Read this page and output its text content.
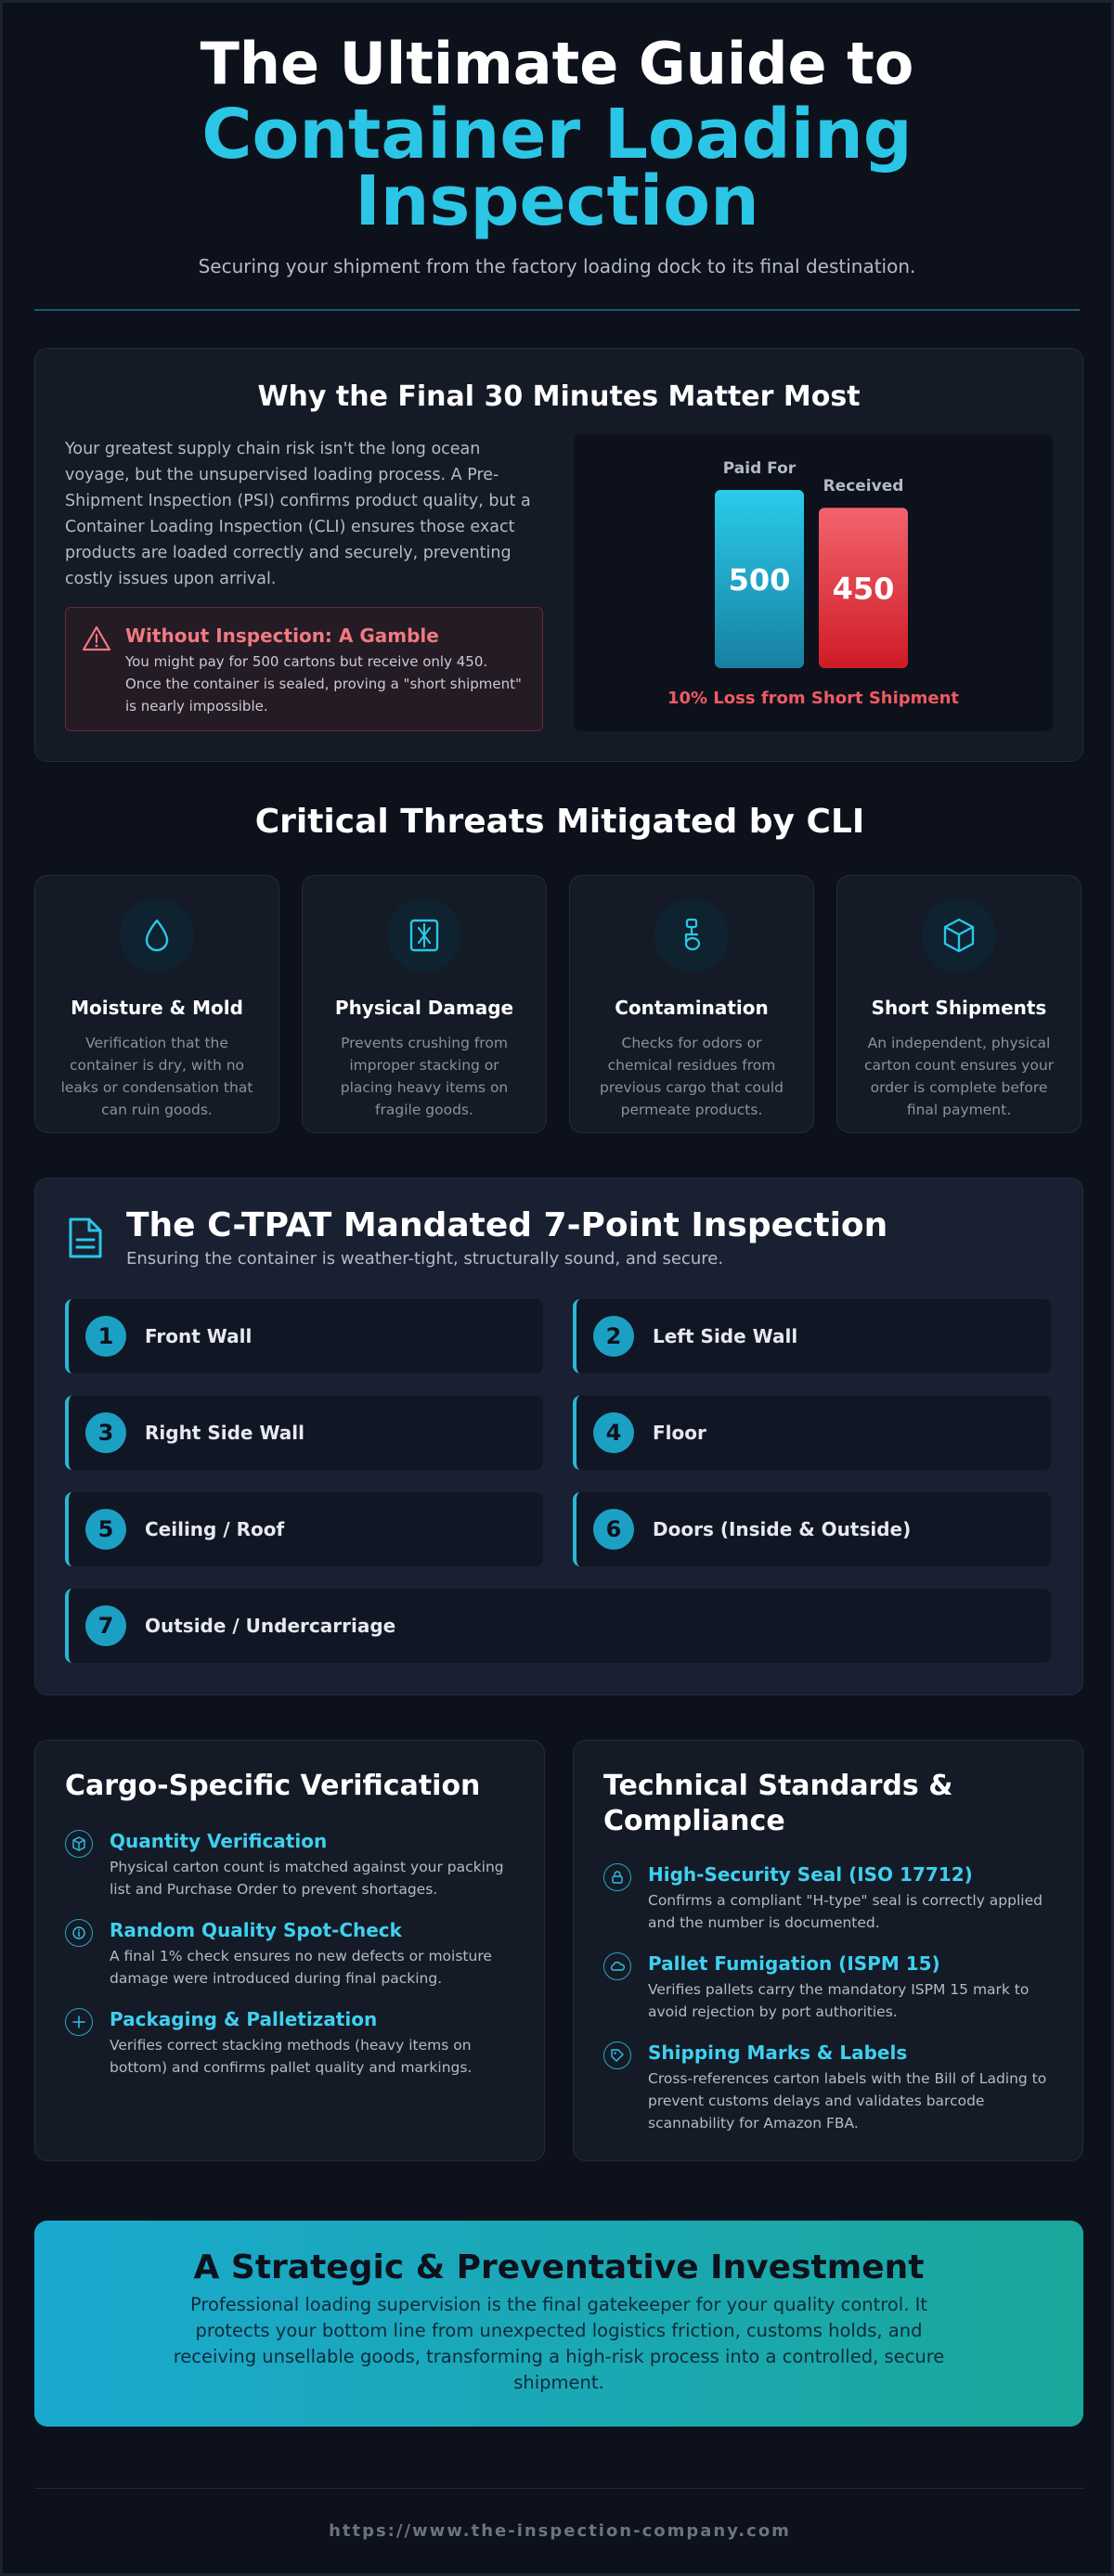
The Ultimate Guide to
Container Loading
Inspection
Securing your shipment from the factory loading dock to its final destination.
Why the Final 30 Minutes Matter Most
Your greatest supply chain risk isn't the long ocean voyage, but the unsupervised loading process. A Pre-Shipment Inspection (PSI) confirms product quality, but a Container Loading Inspection (CLI) ensures those exact products are loaded correctly and securely, preventing costly issues upon arrival.
Without Inspection: A Gamble
You might pay for 500 cartons but receive only 450. Once the container is sealed, proving a "short shipment" is nearly impossible.
Paid For
500
Received
450
10% Loss from Short Shipment
Critical Threats Mitigated by CLI
Moisture & Mold
Verification that the container is dry, with no leaks or condensation that can ruin goods.
Physical Damage
Prevents crushing from improper stacking or placing heavy items on fragile goods.
Contamination
Checks for odors or chemical residues from previous cargo that could permeate products.
Short Shipments
An independent, physical carton count ensures your order is complete before final payment.
The C-TPAT Mandated 7-Point Inspection
Ensuring the container is weather-tight, structurally sound, and secure.
1	Front Wall	2	Left Side Wall
3	Right Side Wall	4	Floor
5	Ceiling / Roof	6	Doors (Inside & Outside)
7	Outside / Undercarriage
Cargo-Specific Verification
Quantity Verification
Physical carton count is matched against your packing list and Purchase Order to prevent shortages.
Random Quality Spot-Check
A final 1% check ensures no new defects or moisture damage were introduced during final packing.
Packaging & Palletization
Verifies correct stacking methods (heavy items on bottom) and confirms pallet quality and markings.
Technical Standards &
Compliance
High-Security Seal (ISO 17712)
Confirms a compliant "H-type" seal is correctly applied and the number is documented.
Pallet Fumigation (ISPM 15)
Verifies pallets carry the mandatory ISPM 15 mark to avoid rejection by port authorities.
Shipping Marks & Labels
Cross-references carton labels with the Bill of Lading to prevent customs delays and validates barcode scannability for Amazon FBA.
A Strategic & Preventative Investment
Professional loading supervision is the final gatekeeper for your quality control. It protects your bottom line from unexpected logistics friction, customs holds, and receiving unsellable goods, transforming a high-risk process into a controlled, secure shipment.
https://www.the-inspection-company.com
